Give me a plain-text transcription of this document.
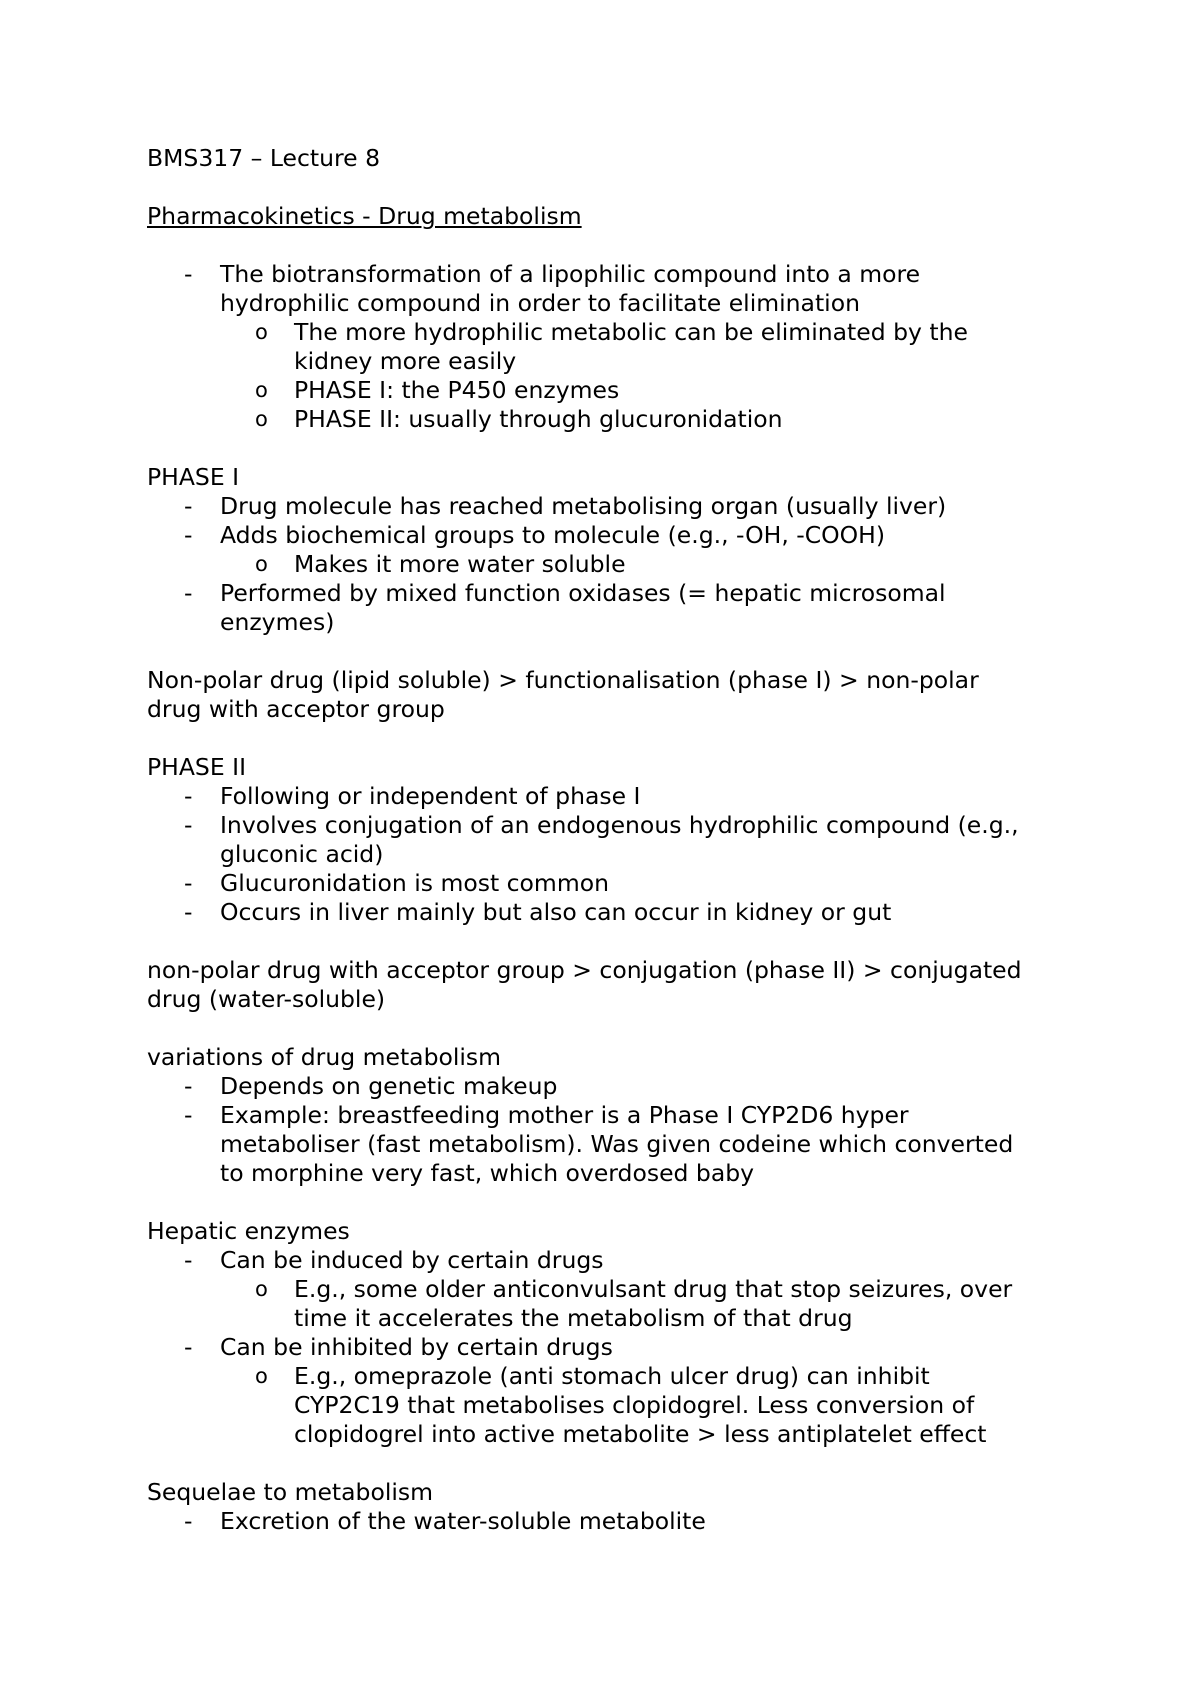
BMS317 – Lecture 8

Pharmacokinetics - Drug metabolism

- The biotransformation of a lipophilic compound into a more

hydrophilic compound in order to facilitate elimination

o The more hydrophilic metabolic can be eliminated by the

kidney more easily

o PHASE I: the P450 enzymes

o PHASE II: usually through glucuronidation

PHASE I

- Drug molecule has reached metabolising organ (usually liver)

- Adds biochemical groups to molecule (e.g., -OH, -COOH)

o Makes it more water soluble

- Performed by mixed function oxidases (= hepatic microsomal

enzymes)

Non-polar drug (lipid soluble) > functionalisation (phase I) > non-polar

drug with acceptor group

PHASE II

- Following or independent of phase I

- Involves conjugation of an endogenous hydrophilic compound (e.g.,

gluconic acid)

- Glucuronidation is most common

- Occurs in liver mainly but also can occur in kidney or gut

non-polar drug with acceptor group > conjugation (phase II) > conjugated

drug (water-soluble)

variations of drug metabolism

- Depends on genetic makeup

- Example: breastfeeding mother is a Phase I CYP2D6 hyper

metaboliser (fast metabolism). Was given codeine which converted

to morphine very fast, which overdosed baby

Hepatic enzymes

- Can be induced by certain drugs

o E.g., some older anticonvulsant drug that stop seizures, over

time it accelerates the metabolism of that drug

- Can be inhibited by certain drugs

o E.g., omeprazole (anti stomach ulcer drug) can inhibit

CYP2C19 that metabolises clopidogrel. Less conversion of

clopidogrel into active metabolite > less antiplatelet effect

Sequelae to metabolism

- Excretion of the water-soluble metabolite
